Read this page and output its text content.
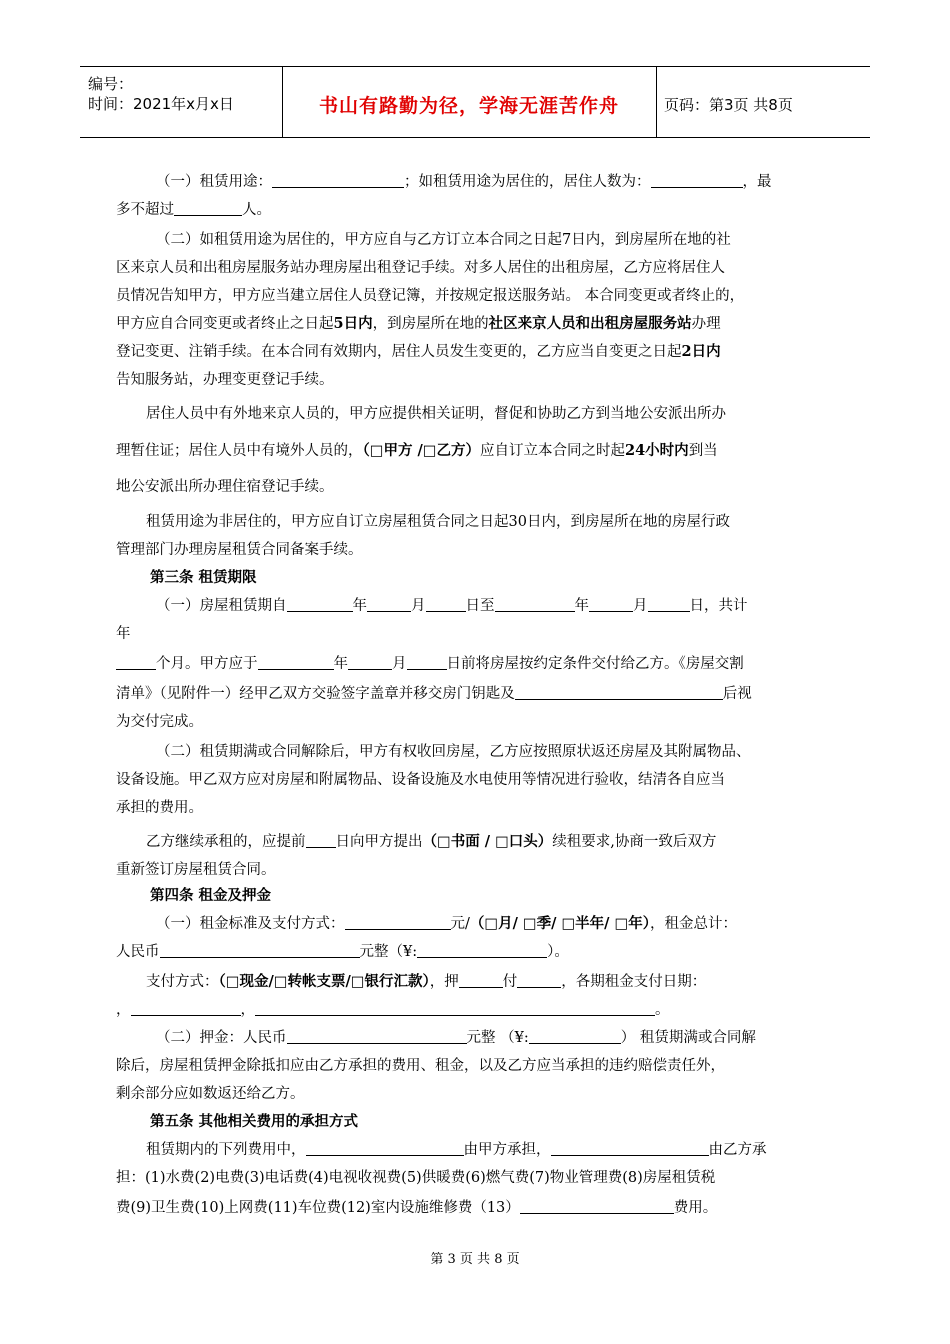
编号：
时间：2021年x月x日	书山有路勤为径，学海无涯苦作舟	页码：第3页 共8页
（一）租赁用途：	；如租赁用途为居住的，居住人数为：	，最
多不超过	人。
（二）如租赁用途为居住的，甲方应自与乙方订立本合同之日起7日内，到房屋所在地的社
区来京人员和出租房屋服务站办理房屋出租登记手续。对多人居住的出租房屋，乙方应将居住人
员情况告知甲方，甲方应当建立居住人员登记簿，并按规定报送服务站。 本合同变更或者终止的，
甲方应自合同变更或者终止之日起5日内，到房屋所在地的社区来京人员和出租房屋服务站办理
登记变更、注销手续。在本合同有效期内，居住人员发生变更的，乙方应当自变更之日起2日内
告知服务站，办理变更登记手续。
居住人员中有外地来京人员的，甲方应提供相关证明，督促和协助乙方到当地公安派出所办
理暂住证；居住人员中有境外人员的，（□甲方 /□乙方）应自订立本合同之时起24小时内到当
地公安派出所办理住宿登记手续。
租赁用途为非居住的，甲方应自订立房屋租赁合同之日起30日内，到房屋所在地的房屋行政
管理部门办理房屋租赁合同备案手续。
第三条 租赁期限
（一）房屋租赁期自	年	月	日至	年	月	日，共计
年
个月。甲方应于	年	月	日前将房屋按约定条件交付给乙方。《房屋交割
清单》（见附件一）经甲乙双方交验签字盖章并移交房门钥匙及	后视
为交付完成。
（二）租赁期满或合同解除后，甲方有权收回房屋，乙方应按照原状返还房屋及其附属物品、
设备设施。甲乙双方应对房屋和附属物品、设备设施及水电使用等情况进行验收，结清各自应当
承担的费用。
乙方继续承租的，应提前 日向甲方提出（□书面 / □口头）续租要求,协商一致后双方
重新签订房屋租赁合同。
第四条 租金及押金
（一）租金标准及支付方式：	元/（□月/ □季/ □半年/ □年），租金总计：
人民币	元整（¥:	）。
支付方式：（□现金/□转帐支票/□银行汇款），押	付	，各期租金支付日期：
，	，	。
（二）押金：人民币	元整 （¥:	） 租赁期满或合同解
除后，房屋租赁押金除抵扣应由乙方承担的费用、租金，以及乙方应当承担的违约赔偿责任外，
剩余部分应如数返还给乙方。
第五条 其他相关费用的承担方式
租赁期内的下列费用中，	由甲方承担，	由乙方承
担：(1)水费(2)电费(3)电话费(4)电视收视费(5)供暖费(6)燃气费(7)物业管理费(8)房屋租赁税
费(9)卫生费(10)上网费(11)车位费(12)室内设施维修费（13）	费用。
第 3 页 共 8 页
